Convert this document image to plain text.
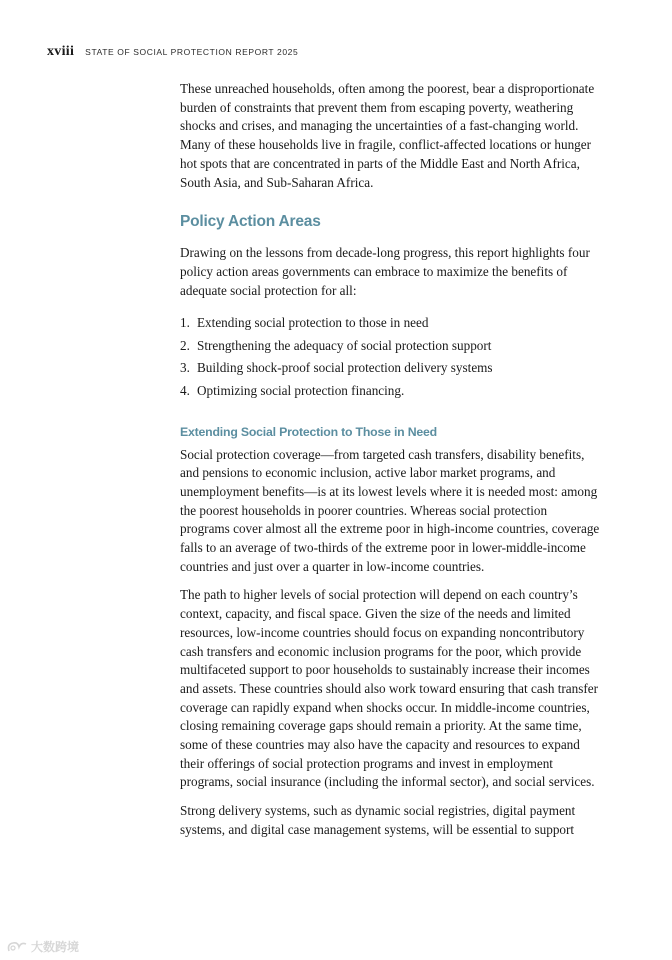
xviii STATE OF SOCIAL PROTECTION REPORT 2025

These unreached households, often among the poorest, bear a disproportionate burden of constraints that prevent them from escaping poverty, weathering shocks and crises, and managing the uncertainties of a fast-changing world. Many of these households live in fragile, conflict-affected locations or hunger hot spots that are concentrated in parts of the Middle East and North Africa, South Asia, and Sub-Saharan Africa.

Policy Action Areas

Drawing on the lessons from decade-long progress, this report highlights four policy action areas governments can embrace to maximize the benefits of adequate social protection for all:

1. Extending social protection to those in need
2. Strengthening the adequacy of social protection support
3. Building shock-proof social protection delivery systems
4. Optimizing social protection financing.
Extending Social Protection to Those in Need

Social protection coverage—from targeted cash transfers, disability benefits, and pensions to economic inclusion, active labor market programs, and unemployment benefits—is at its lowest levels where it is needed most: among the poorest households in poorer countries. Whereas social protection programs cover almost all the extreme poor in high-income countries, coverage falls to an average of two-thirds of the extreme poor in lower-middle-income countries and just over a quarter in low-income countries.

The path to higher levels of social protection will depend on each country’s context, capacity, and fiscal space. Given the size of the needs and limited resources, low-income countries should focus on expanding noncontributory cash transfers and economic inclusion programs for the poor, which provide multifaceted support to poor households to sustainably increase their incomes and assets. These countries should also work toward ensuring that cash transfer coverage can rapidly expand when shocks occur. In middle-income countries, closing remaining coverage gaps should remain a priority. At the same time, some of these countries may also have the capacity and resources to expand their offerings of social protection programs and invest in employment programs, social insurance (including the informal sector), and social services.

Strong delivery systems, such as dynamic social registries, digital payment systems, and digital case management systems, will be essential to support

大数跨境
